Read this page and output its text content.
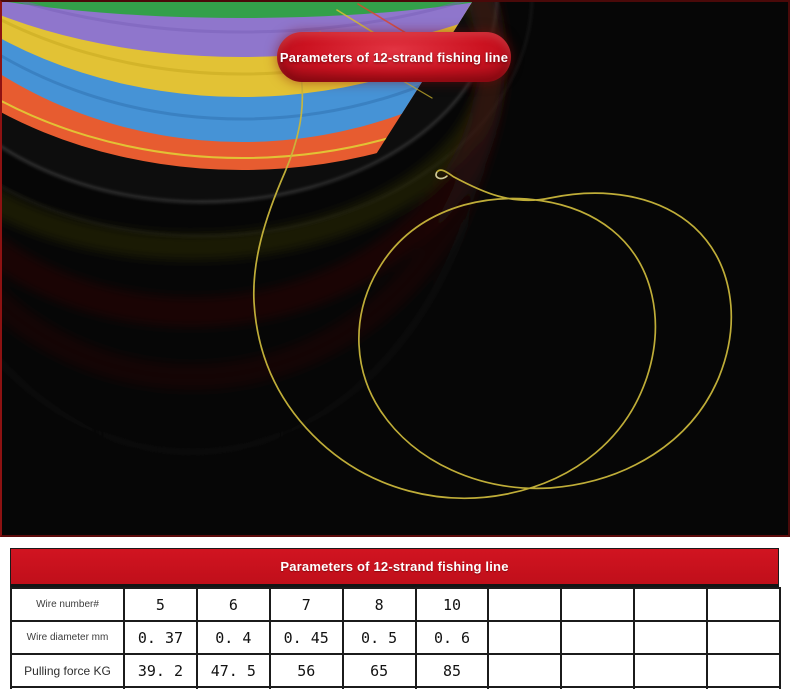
Parameters of 12-strand fishing line
Parameters of 12-strand fishing line
Wire number#	5	6	7	8	10				
Wire diameter mm	0. 37	0. 4	0. 45	0. 5	0. 6				
Pulling force KG	39. 2	47. 5	56	65	85				
